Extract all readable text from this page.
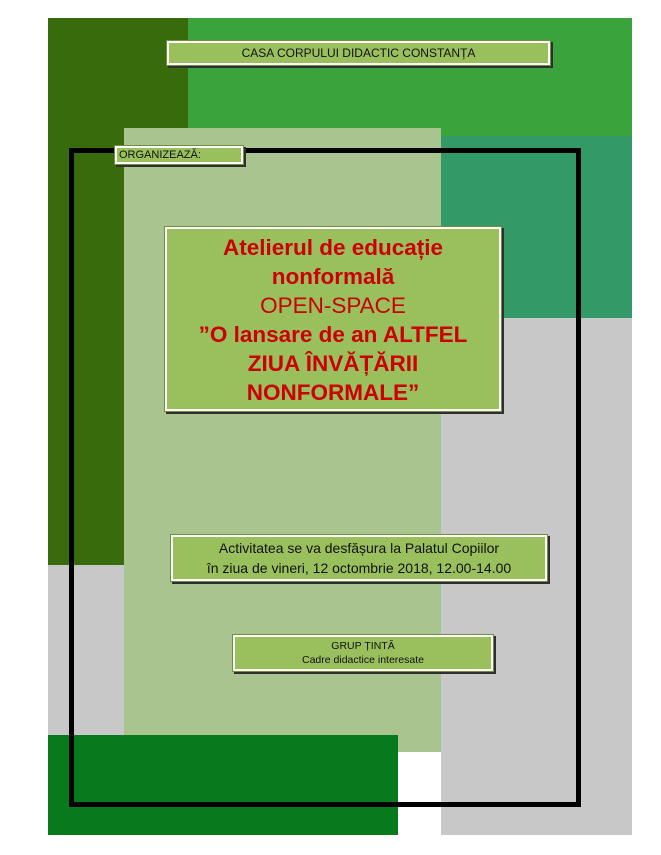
CASA CORPULUI DIDACTIC CONSTANȚA
ORGANIZEAZĂ:
Atelierul de educație
nonformală
OPEN-SPACE
”O lansare de an ALTFEL
ZIUA ÎNVĂȚĂRII
NONFORMALE”
Activitatea se va desfășura la Palatul Copiilor
în ziua de vineri, 12 octombrie 2018, 12.00-14.00
GRUP ȚINTĂ
Cadre didactice interesate
